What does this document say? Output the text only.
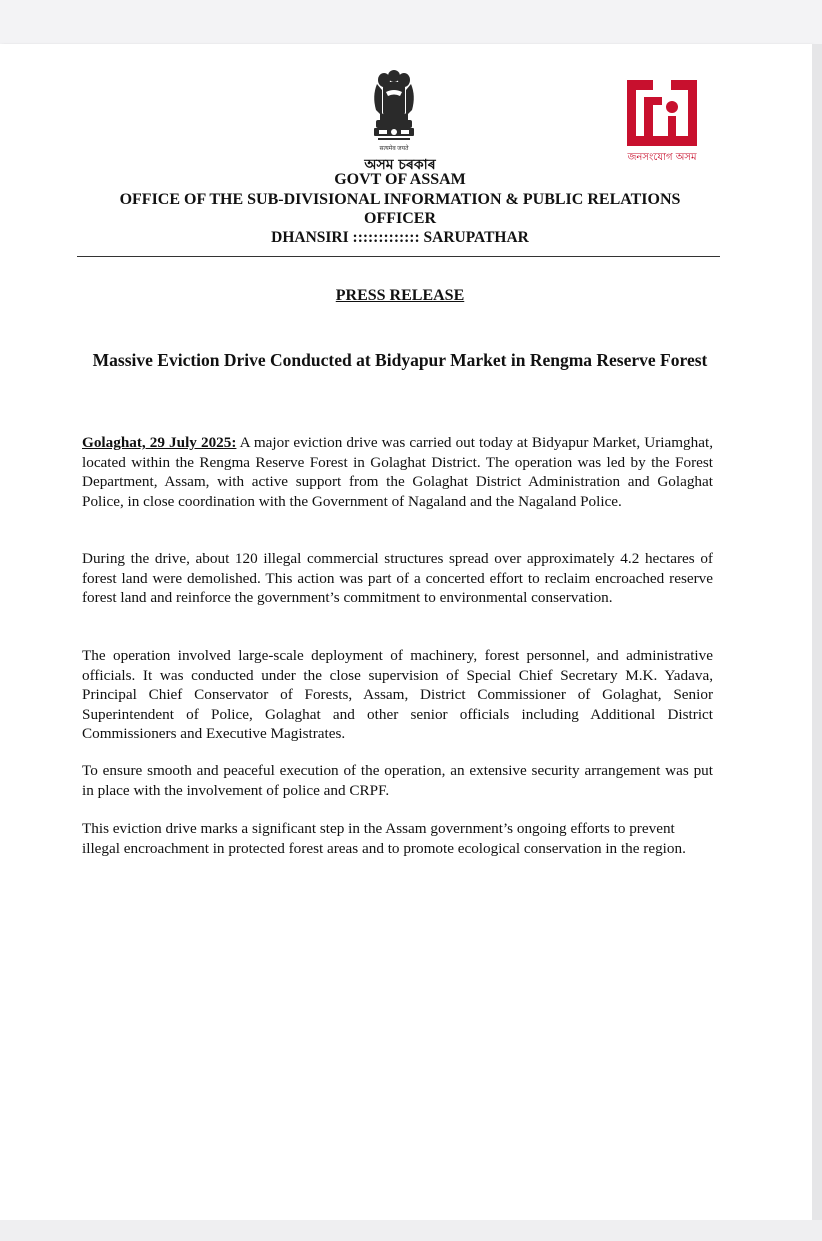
सत्यमेव जयते
অসম চৰকাৰ
GOVT OF ASSAM
OFFICE OF THE SUB-DIVISIONAL INFORMATION & PUBLIC RELATIONS
OFFICER
DHANSIRI ::::::::::::: SARUPATHAR
জনসংযোগ অসম
PRESS RELEASE
Massive Eviction Drive Conducted at Bidyapur Market in Rengma Reserve Forest
Golaghat, 29 July 2025: A major eviction drive was carried out today at Bidyapur Market, Uriamghat, located within the Rengma Reserve Forest in Golaghat District. The operation was led by the Forest Department, Assam, with active support from the Golaghat District Administration and Golaghat Police, in close coordination with the Government of Nagaland and the Nagaland Police.
During the drive, about 120 illegal commercial structures spread over approximately 4.2 hectares of forest land were demolished. This action was part of a concerted effort to reclaim encroached reserve forest land and reinforce the government’s commitment to environmental conservation.
The operation involved large-scale deployment of machinery, forest personnel, and administrative officials. It was conducted under the close supervision of Special Chief Secretary M.K. Yadava, Principal Chief Conservator of Forests, Assam, District Commissioner of Golaghat, Senior Superintendent of Police, Golaghat and other senior officials including Additional District Commissioners and Executive Magistrates.
To ensure smooth and peaceful execution of the operation, an extensive security arrangement was put in place with the involvement of police and CRPF.
This eviction drive marks a significant step in the Assam government’s ongoing efforts to prevent illegal encroachment in protected forest areas and to promote ecological conservation in the region.
